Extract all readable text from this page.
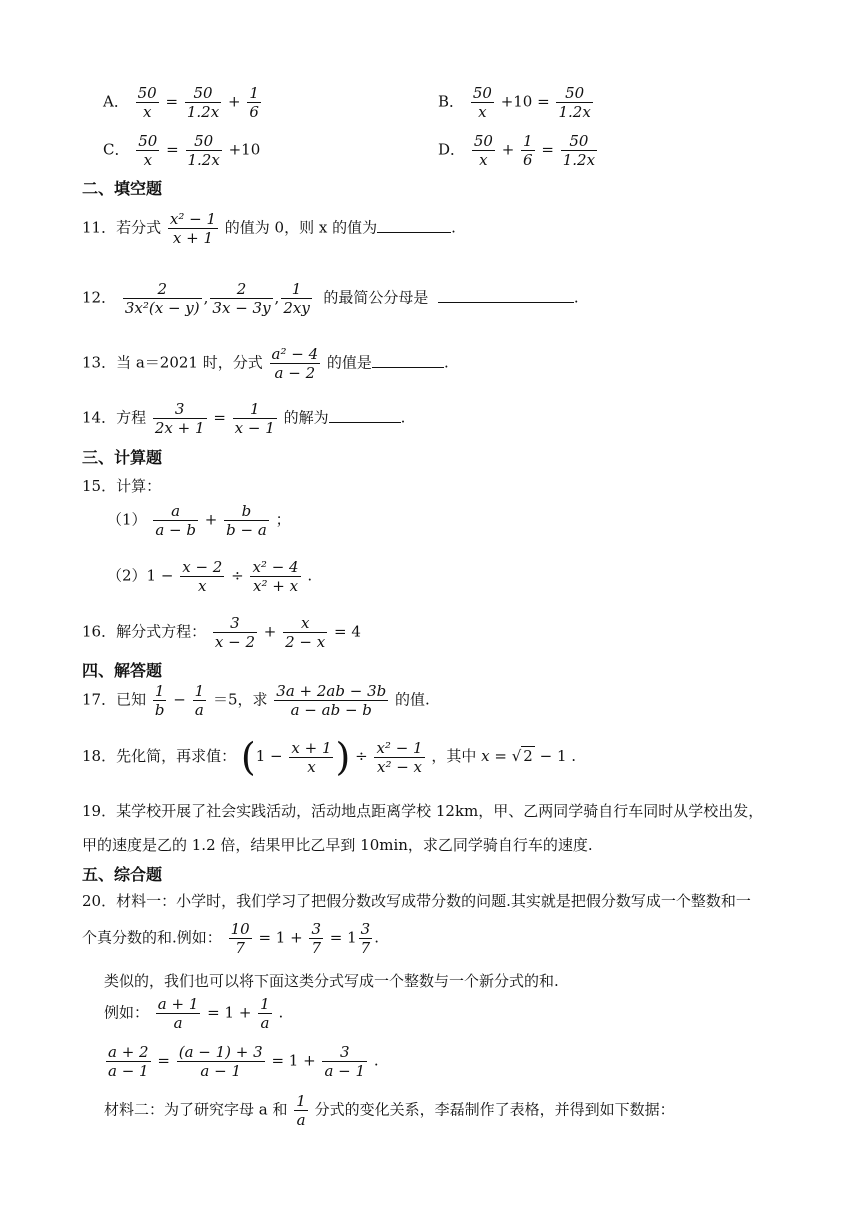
A． $\frac{50}{x} = \frac{50}{1.2x} + \frac{1}{6}$	B． $\frac{50}{x} +10 = \frac{50}{1.2x}$
C． $\frac{50}{x} = \frac{50}{1.2x} +10$	D． $\frac{50}{x} + \frac{1}{6} = \frac{50}{1.2x}$
二、填空题
11．若分式 $\frac{\text{x² − 1}}{x + 1}$ 的值为 0，则 x 的值为	.
12． $\frac{2}{\text{3x²(x − y)}}$ , $\frac{2}{3x - 3y}$ , $\frac{1}{2xy}$ 的最简公分母是	.
13．当 a＝2021 时，分式 $\frac{\text{a² − 4}}{a - 2}$ 的值是	.
14．方程 $\frac{3}{2x + 1} = \frac{1}{x - 1}$ 的解为	.
三、计算题
15．计算：
$(1) \frac{a}{a - b} + \frac{b}{b - a}$ ；
$(2)1 - \frac{x - 2}{x} \div \frac{\text{x² − 4}}{\text{x² + x}}$ .
16．解分式方程： $\frac{3}{x - 2} + \frac{x}{2 - x} = 4$
四、解答题
17．已知 $\frac{1}{b} - \frac{1}{a} =5$，求 $\frac{3a + 2ab - 3b}{a - ab - b}$ 的值.
18．先化简，再求值： ($1 - \frac{x + 1}{x}$ ) ÷ $\frac{\text{x² − 1}}{\text{x² − x}}$ ，其中 x = √ 2 − 1 .
19．某学校开展了社会实践活动，活动地点距离学校 12km，甲、乙两同学骑自行车同时从学校出发，
甲的速度是乙的 1.2 倍，结果甲比乙早到 10min，求乙同学骑自行车的速度.
五、综合题
20．材料一：小学时，我们学习了把假分数改写成带分数的问题.其实就是把假分数写成一个整数和一
个真分数的和.例如： $\frac{10}{7} = 1 + \frac{3}{7} = 1 \frac{3}{7}$ .
类似的，我们也可以将下面这类分式写成一个整数与一个新分式的和.
例如： $\frac{a + 1}{a} = 1 + \frac{1}{a}$ .
$\frac{a + 2}{a - 1} = \frac{(a - 1) + 3}{a - 1} = 1 + \frac{3}{a - 1}$ .
材料二：为了研究字母 a 和 $\frac{1}{a}$ 分式的变化关系，李磊制作了表格，并得到如下数据：
